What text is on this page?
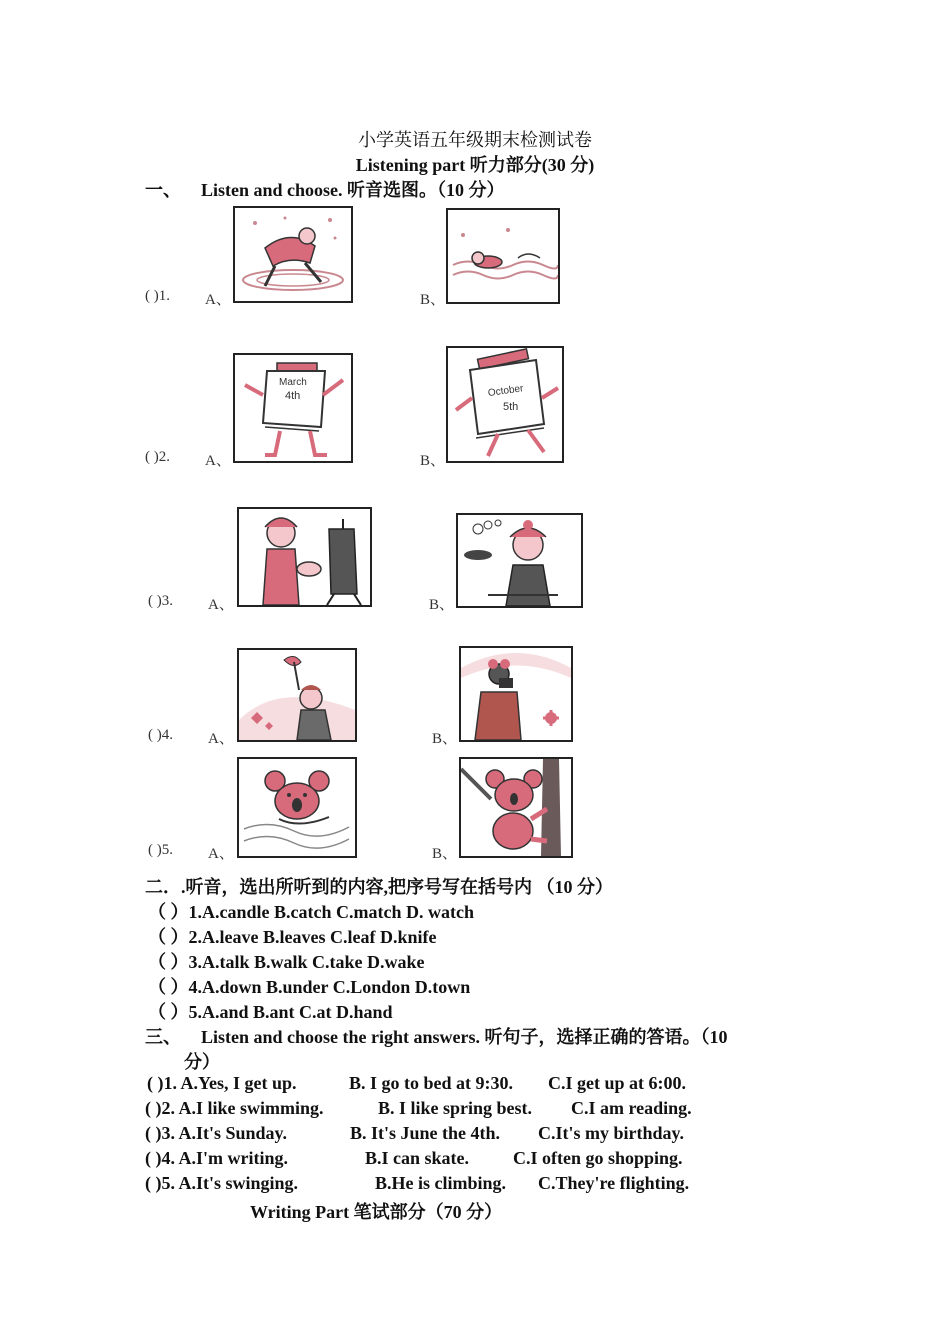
小学英语五年级期末检测试卷
Listening part 听力部分(30 分)
一、 Listen and choose. 听音选图。（10 分）
( )1. A、	B、
( )2. A、
March
4th
B、
October
5th
( )3. A、	B、
( )4. A、	B、
( )5. A、	B、
二．.听音，选出所听到的内容,把序号写在括号内 （10 分）
（ ）1.A.candle B.catch C.match D. watch
（ ）2.A.leave B.leaves C.leaf D.knife
（ ）3.A.talk B.walk C.take D.wake
（ ）4.A.down B.under C.London D.town
（ ）5.A.and B.ant C.at D.hand
三、 Listen and choose the right answers. 听句子，选择正确的答语。（10
分）
( )1. A.Yes, I get up.	B. I go to bed at 9:30. C.I get up at 6:00.
( )2. A.I like swimming.	B. I like spring best. C.I am reading.
( )3. A.It's Sunday.	B. It's June the 4th. C.It's my birthday.
( )4. A.I'm writing.	B.I can skate. C.I often go shopping.
( )5. A.It's swinging.	B.He is climbing. C.They're flighting.
Writing Part 笔试部分（70 分）
